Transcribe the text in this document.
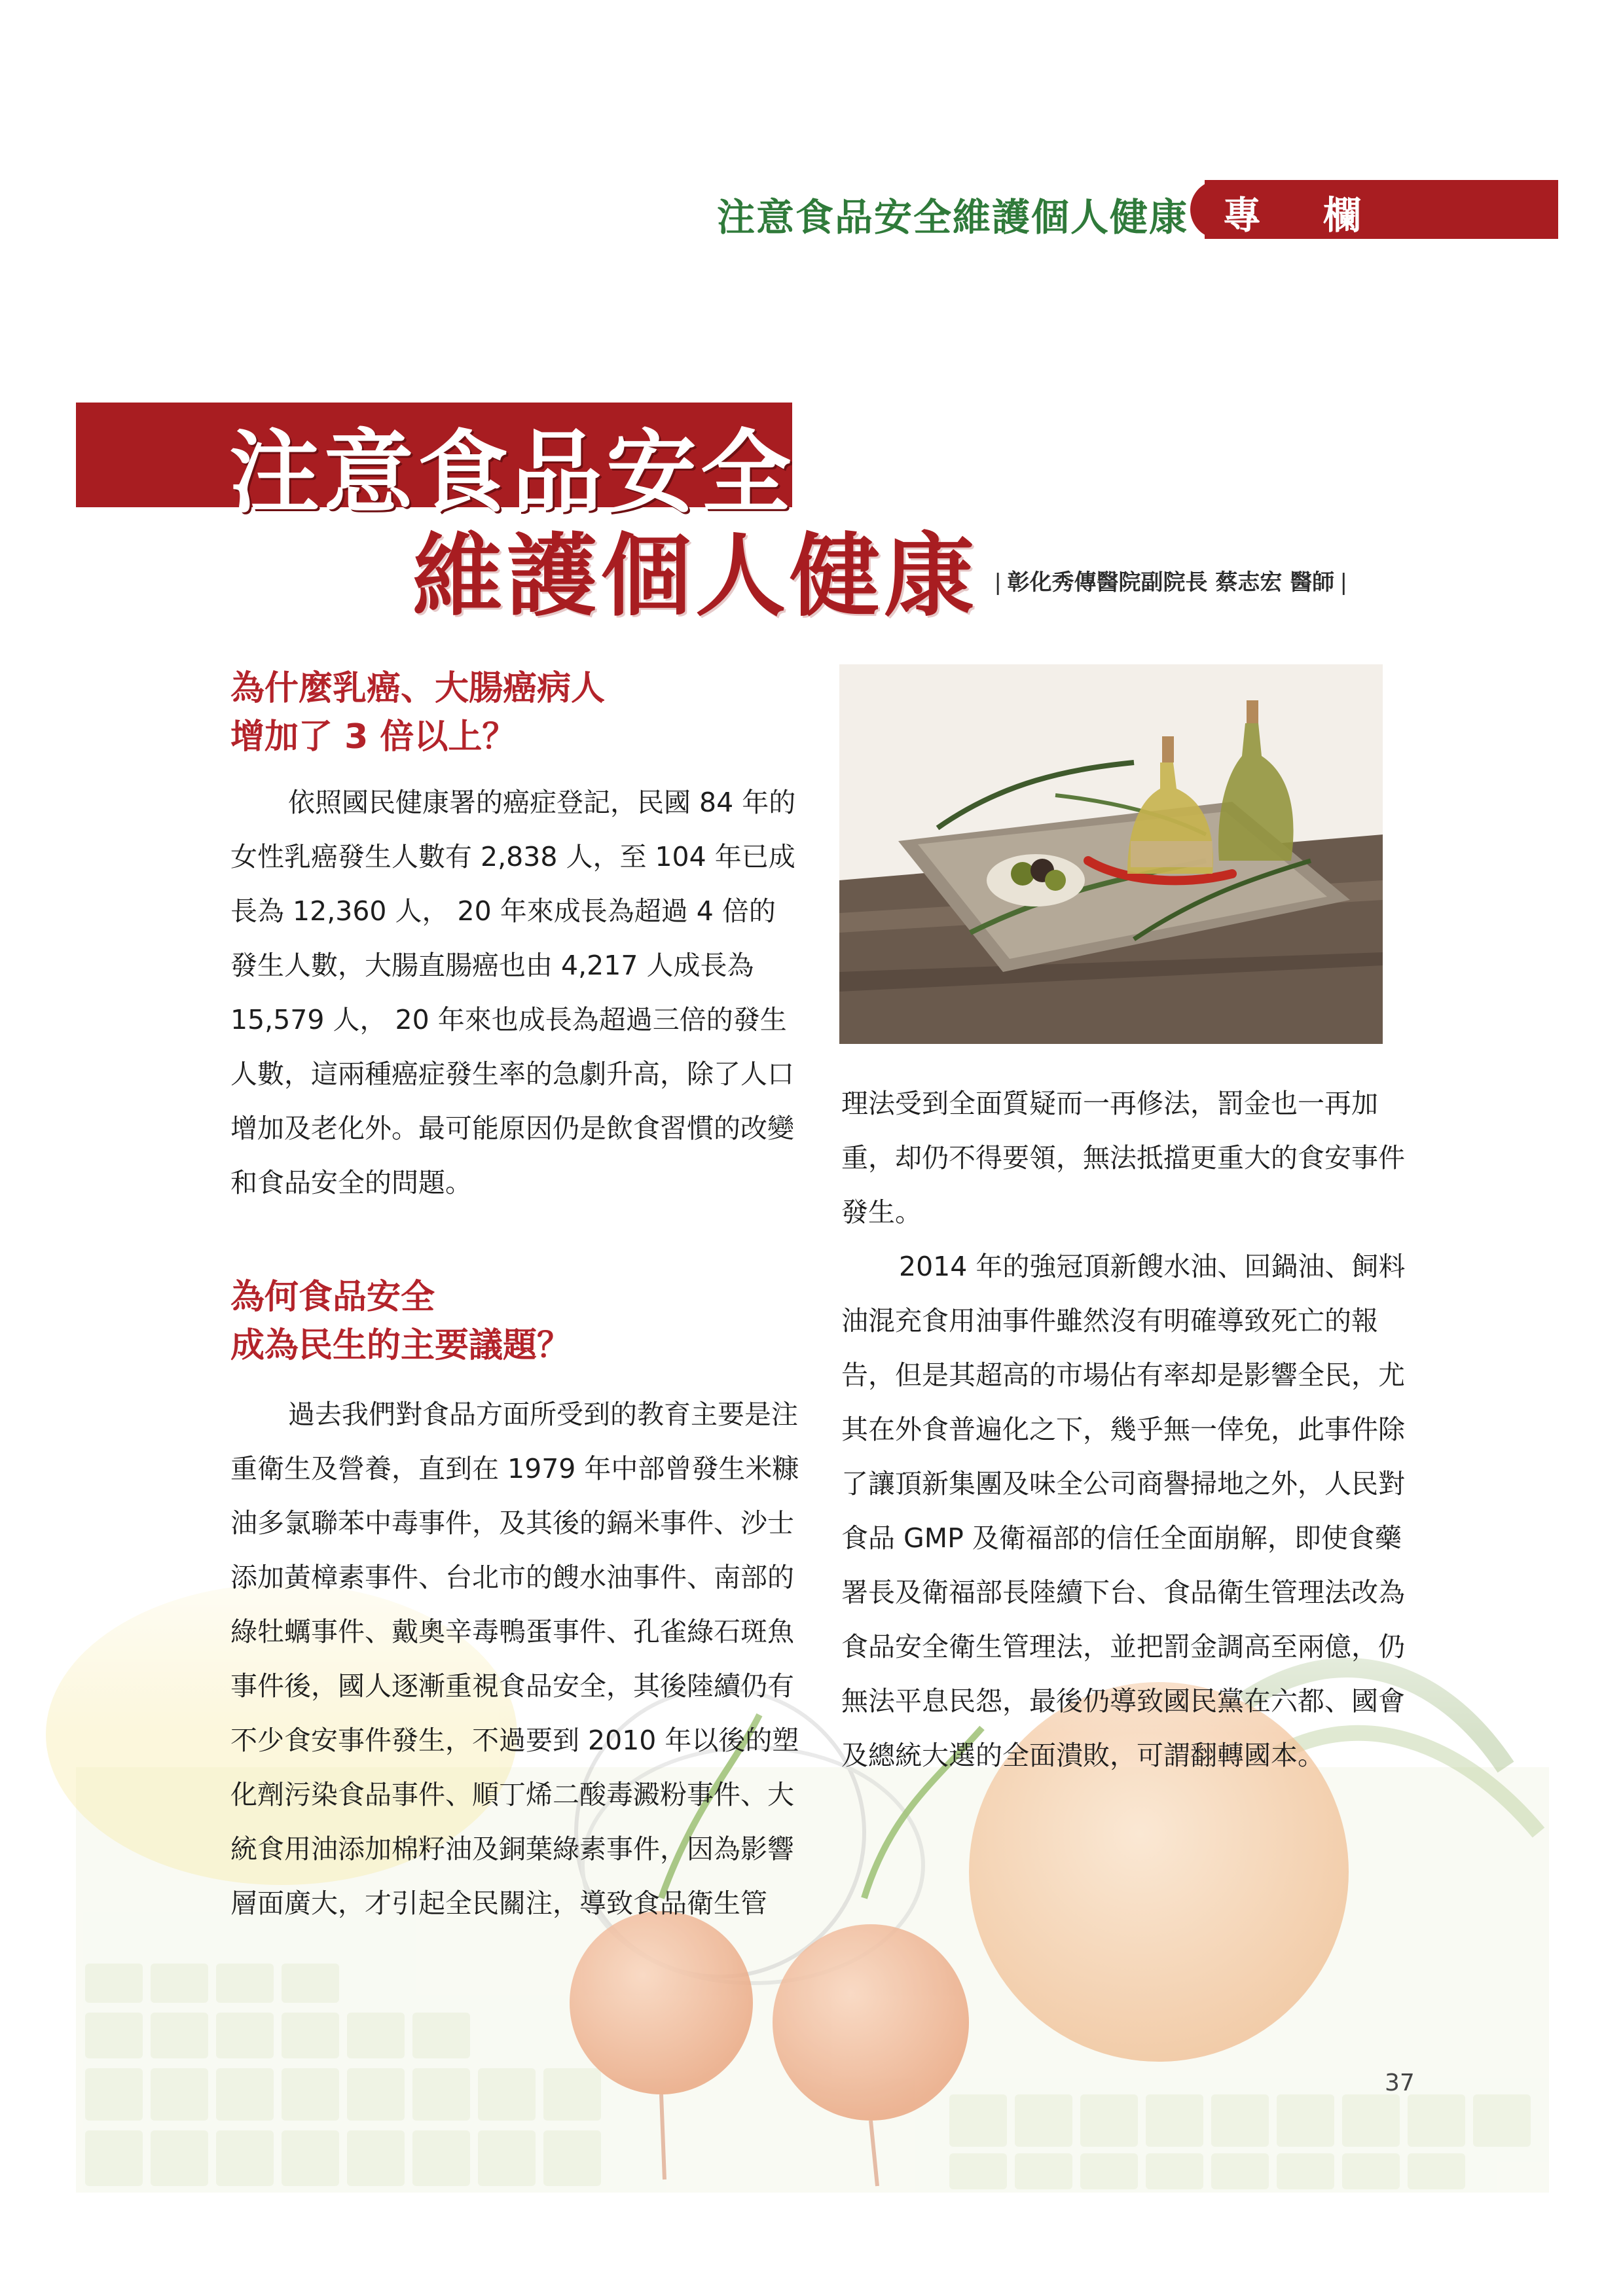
注意食品安全維護個人健康 專欄
注意食品安全
維護個人健康 ❘彰化秀傳醫院副院長 蔡志宏 醫師❘
為什麼乳癌、大腸癌病人
增加了 3 倍以上？

依照國民健康署的癌症登記，民國 84 年的女性乳癌發生人數有 2,838 人，至 104 年已成長為 12,360 人， 20 年來成長為超過 4 倍的發生人數，大腸直腸癌也由 4,217 人成長為 15,579 人， 20 年來也成長為超過三倍的發生人數，這兩種癌症發生率的急劇升高，除了人口增加及老化外。最可能原因仍是飲食習慣的改變和食品安全的問題。

為何食品安全
成為民生的主要議題？

過去我們對食品方面所受到的教育主要是注重衛生及營養，直到在 1979 年中部曾發生米糠油多氯聯苯中毒事件，及其後的鎘米事件、沙士添加黃樟素事件、台北市的餿水油事件、南部的綠牡蠣事件、戴奧辛毒鴨蛋事件、孔雀綠石斑魚事件後，國人逐漸重視食品安全，其後陸續仍有不少食安事件發生，不過要到 2010 年以後的塑化劑污染食品事件、順丁烯二酸毒澱粉事件、大統食用油添加棉籽油及銅葉綠素事件，因為影響層面廣大，才引起全民關注，導致食品衛生管

理法受到全面質疑而一再修法，罰金也一再加重，却仍不得要領，無法抵擋更重大的食安事件發生。

2014 年的強冠頂新餿水油、回鍋油、飼料油混充食用油事件雖然沒有明確導致死亡的報告，但是其超高的市場佔有率却是影響全民，尤其在外食普遍化之下，幾乎無一倖免，此事件除了讓頂新集團及味全公司商譽掃地之外，人民對食品 GMP 及衛福部的信任全面崩解，即使食藥署長及衛福部長陸續下台、食品衛生管理法改為食品安全衛生管理法，並把罰金調高至兩億，仍無法平息民怨，最後仍導致國民黨在六都、國會及總統大選的全面潰敗，可謂翻轉國本。

37
